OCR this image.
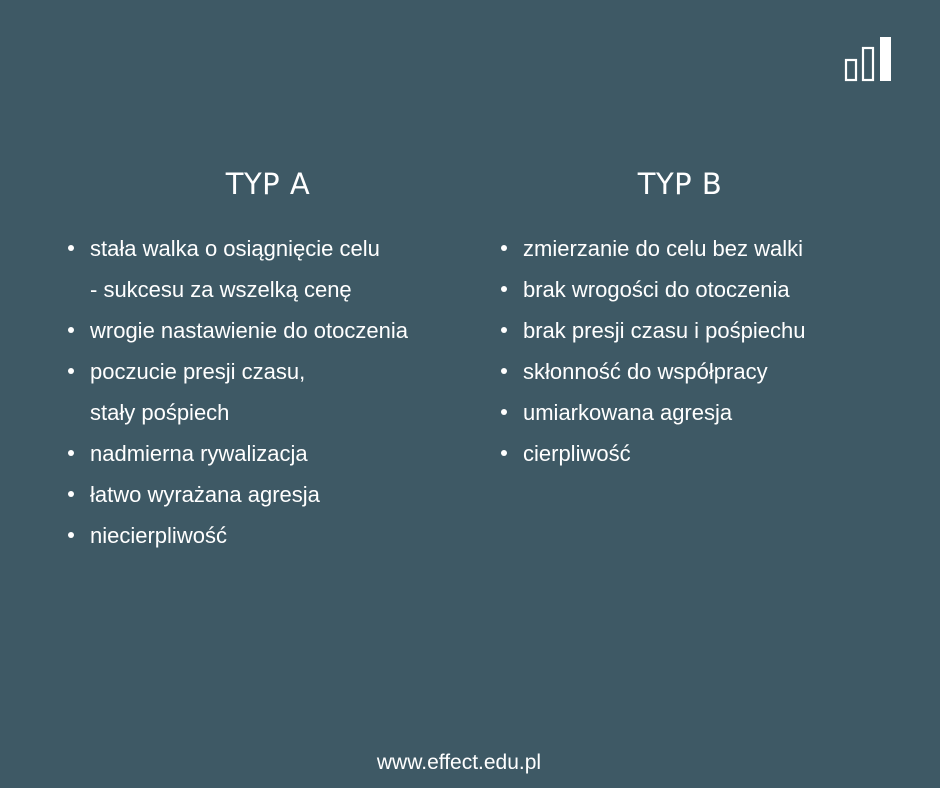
TYP A	TYP B
stała walka o osiągnięcie celu
- sukcesu za wszelką cenę
wrogie nastawienie do otoczenia
poczucie presji czasu,
stały pośpiech
nadmierna rywalizacja
łatwo wyrażana agresja
niecierpliwość
zmierzanie do celu bez walki
brak wrogości do otoczenia
brak presji czasu i pośpiechu
skłonność do współpracy
umiarkowana agresja
cierpliwość
www.effect.edu.pl
